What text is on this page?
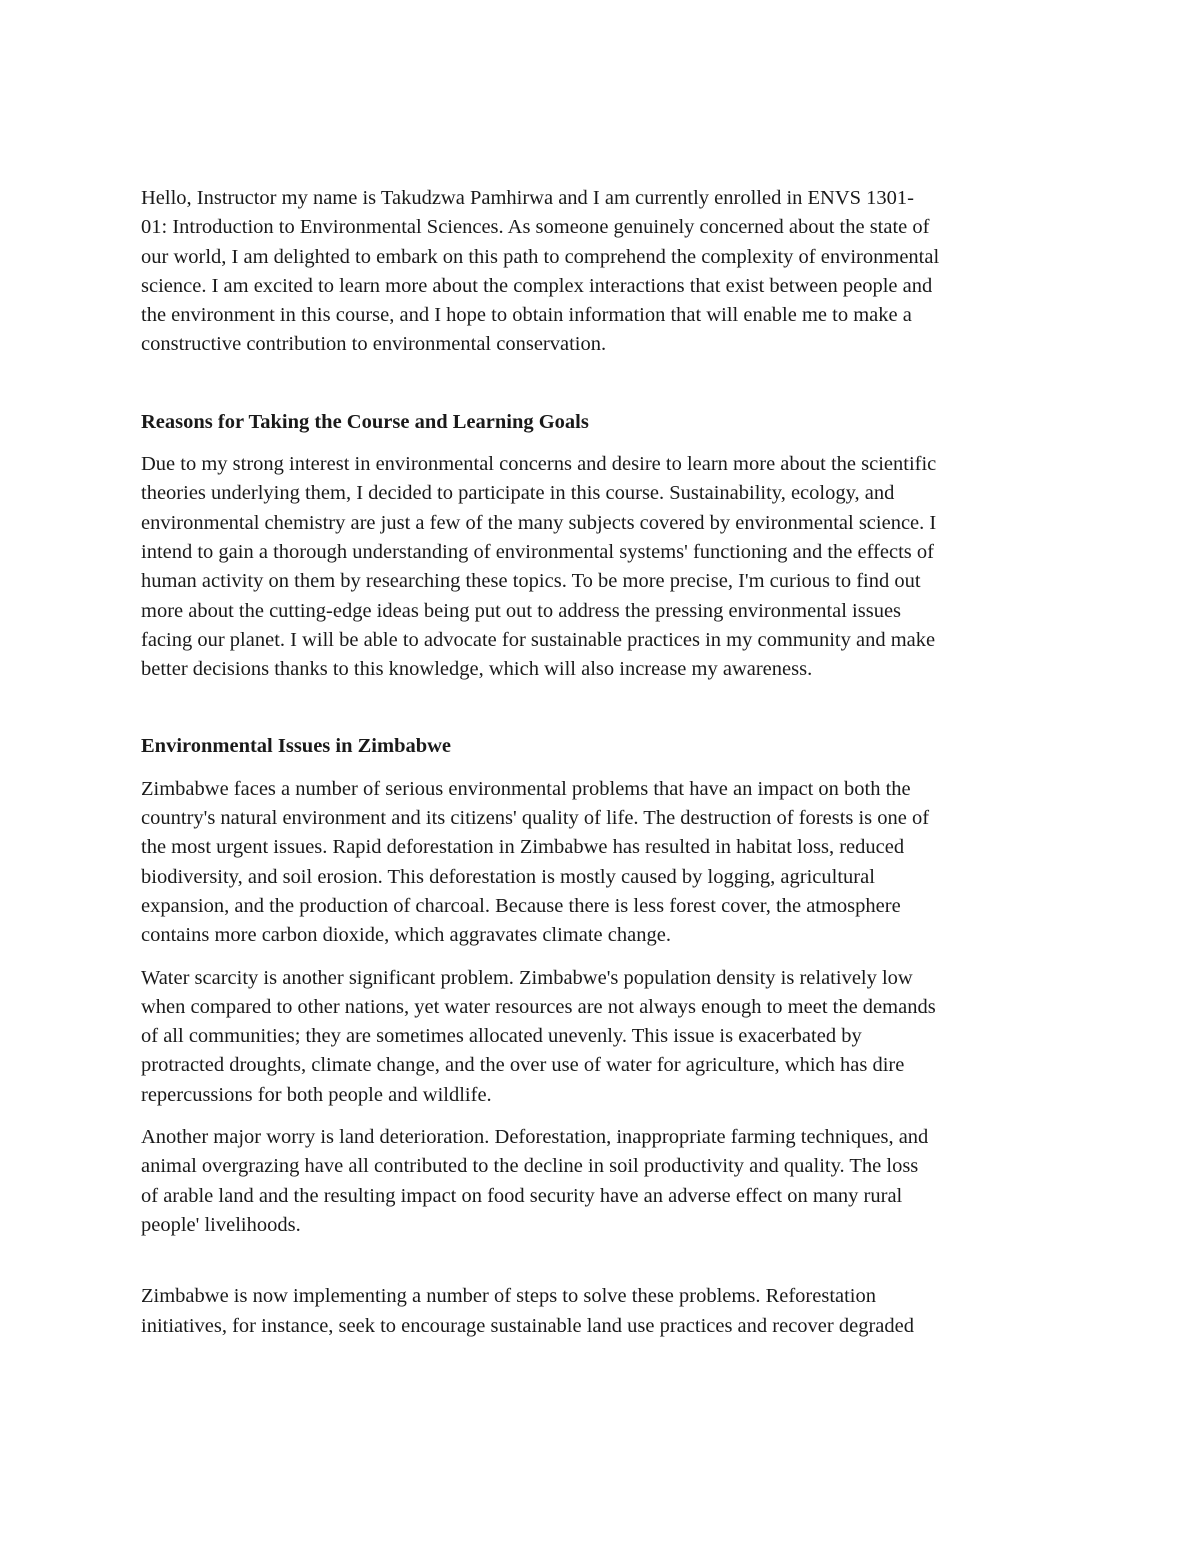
Hello, Instructor my name is Takudzwa Pamhirwa and I am currently enrolled in ENVS 1301-
01: Introduction to Environmental Sciences. As someone genuinely concerned about the state of
our world, I am delighted to embark on this path to comprehend the complexity of environmental
science. I am excited to learn more about the complex interactions that exist between people and
the environment in this course, and I hope to obtain information that will enable me to make a
constructive contribution to environmental conservation.
Reasons for Taking the Course and Learning Goals
Due to my strong interest in environmental concerns and desire to learn more about the scientific
theories underlying them, I decided to participate in this course. Sustainability, ecology, and
environmental chemistry are just a few of the many subjects covered by environmental science. I
intend to gain a thorough understanding of environmental systems' functioning and the effects of
human activity on them by researching these topics. To be more precise, I'm curious to find out
more about the cutting-edge ideas being put out to address the pressing environmental issues
facing our planet. I will be able to advocate for sustainable practices in my community and make
better decisions thanks to this knowledge, which will also increase my awareness.
Environmental Issues in Zimbabwe
Zimbabwe faces a number of serious environmental problems that have an impact on both the
country's natural environment and its citizens' quality of life. The destruction of forests is one of
the most urgent issues. Rapid deforestation in Zimbabwe has resulted in habitat loss, reduced
biodiversity, and soil erosion. This deforestation is mostly caused by logging, agricultural
expansion, and the production of charcoal. Because there is less forest cover, the atmosphere
contains more carbon dioxide, which aggravates climate change.
Water scarcity is another significant problem. Zimbabwe's population density is relatively low
when compared to other nations, yet water resources are not always enough to meet the demands
of all communities; they are sometimes allocated unevenly. This issue is exacerbated by
protracted droughts, climate change, and the over use of water for agriculture, which has dire
repercussions for both people and wildlife.
Another major worry is land deterioration. Deforestation, inappropriate farming techniques, and
animal overgrazing have all contributed to the decline in soil productivity and quality. The loss
of arable land and the resulting impact on food security have an adverse effect on many rural
people' livelihoods.
Zimbabwe is now implementing a number of steps to solve these problems. Reforestation
initiatives, for instance, seek to encourage sustainable land use practices and recover degraded
